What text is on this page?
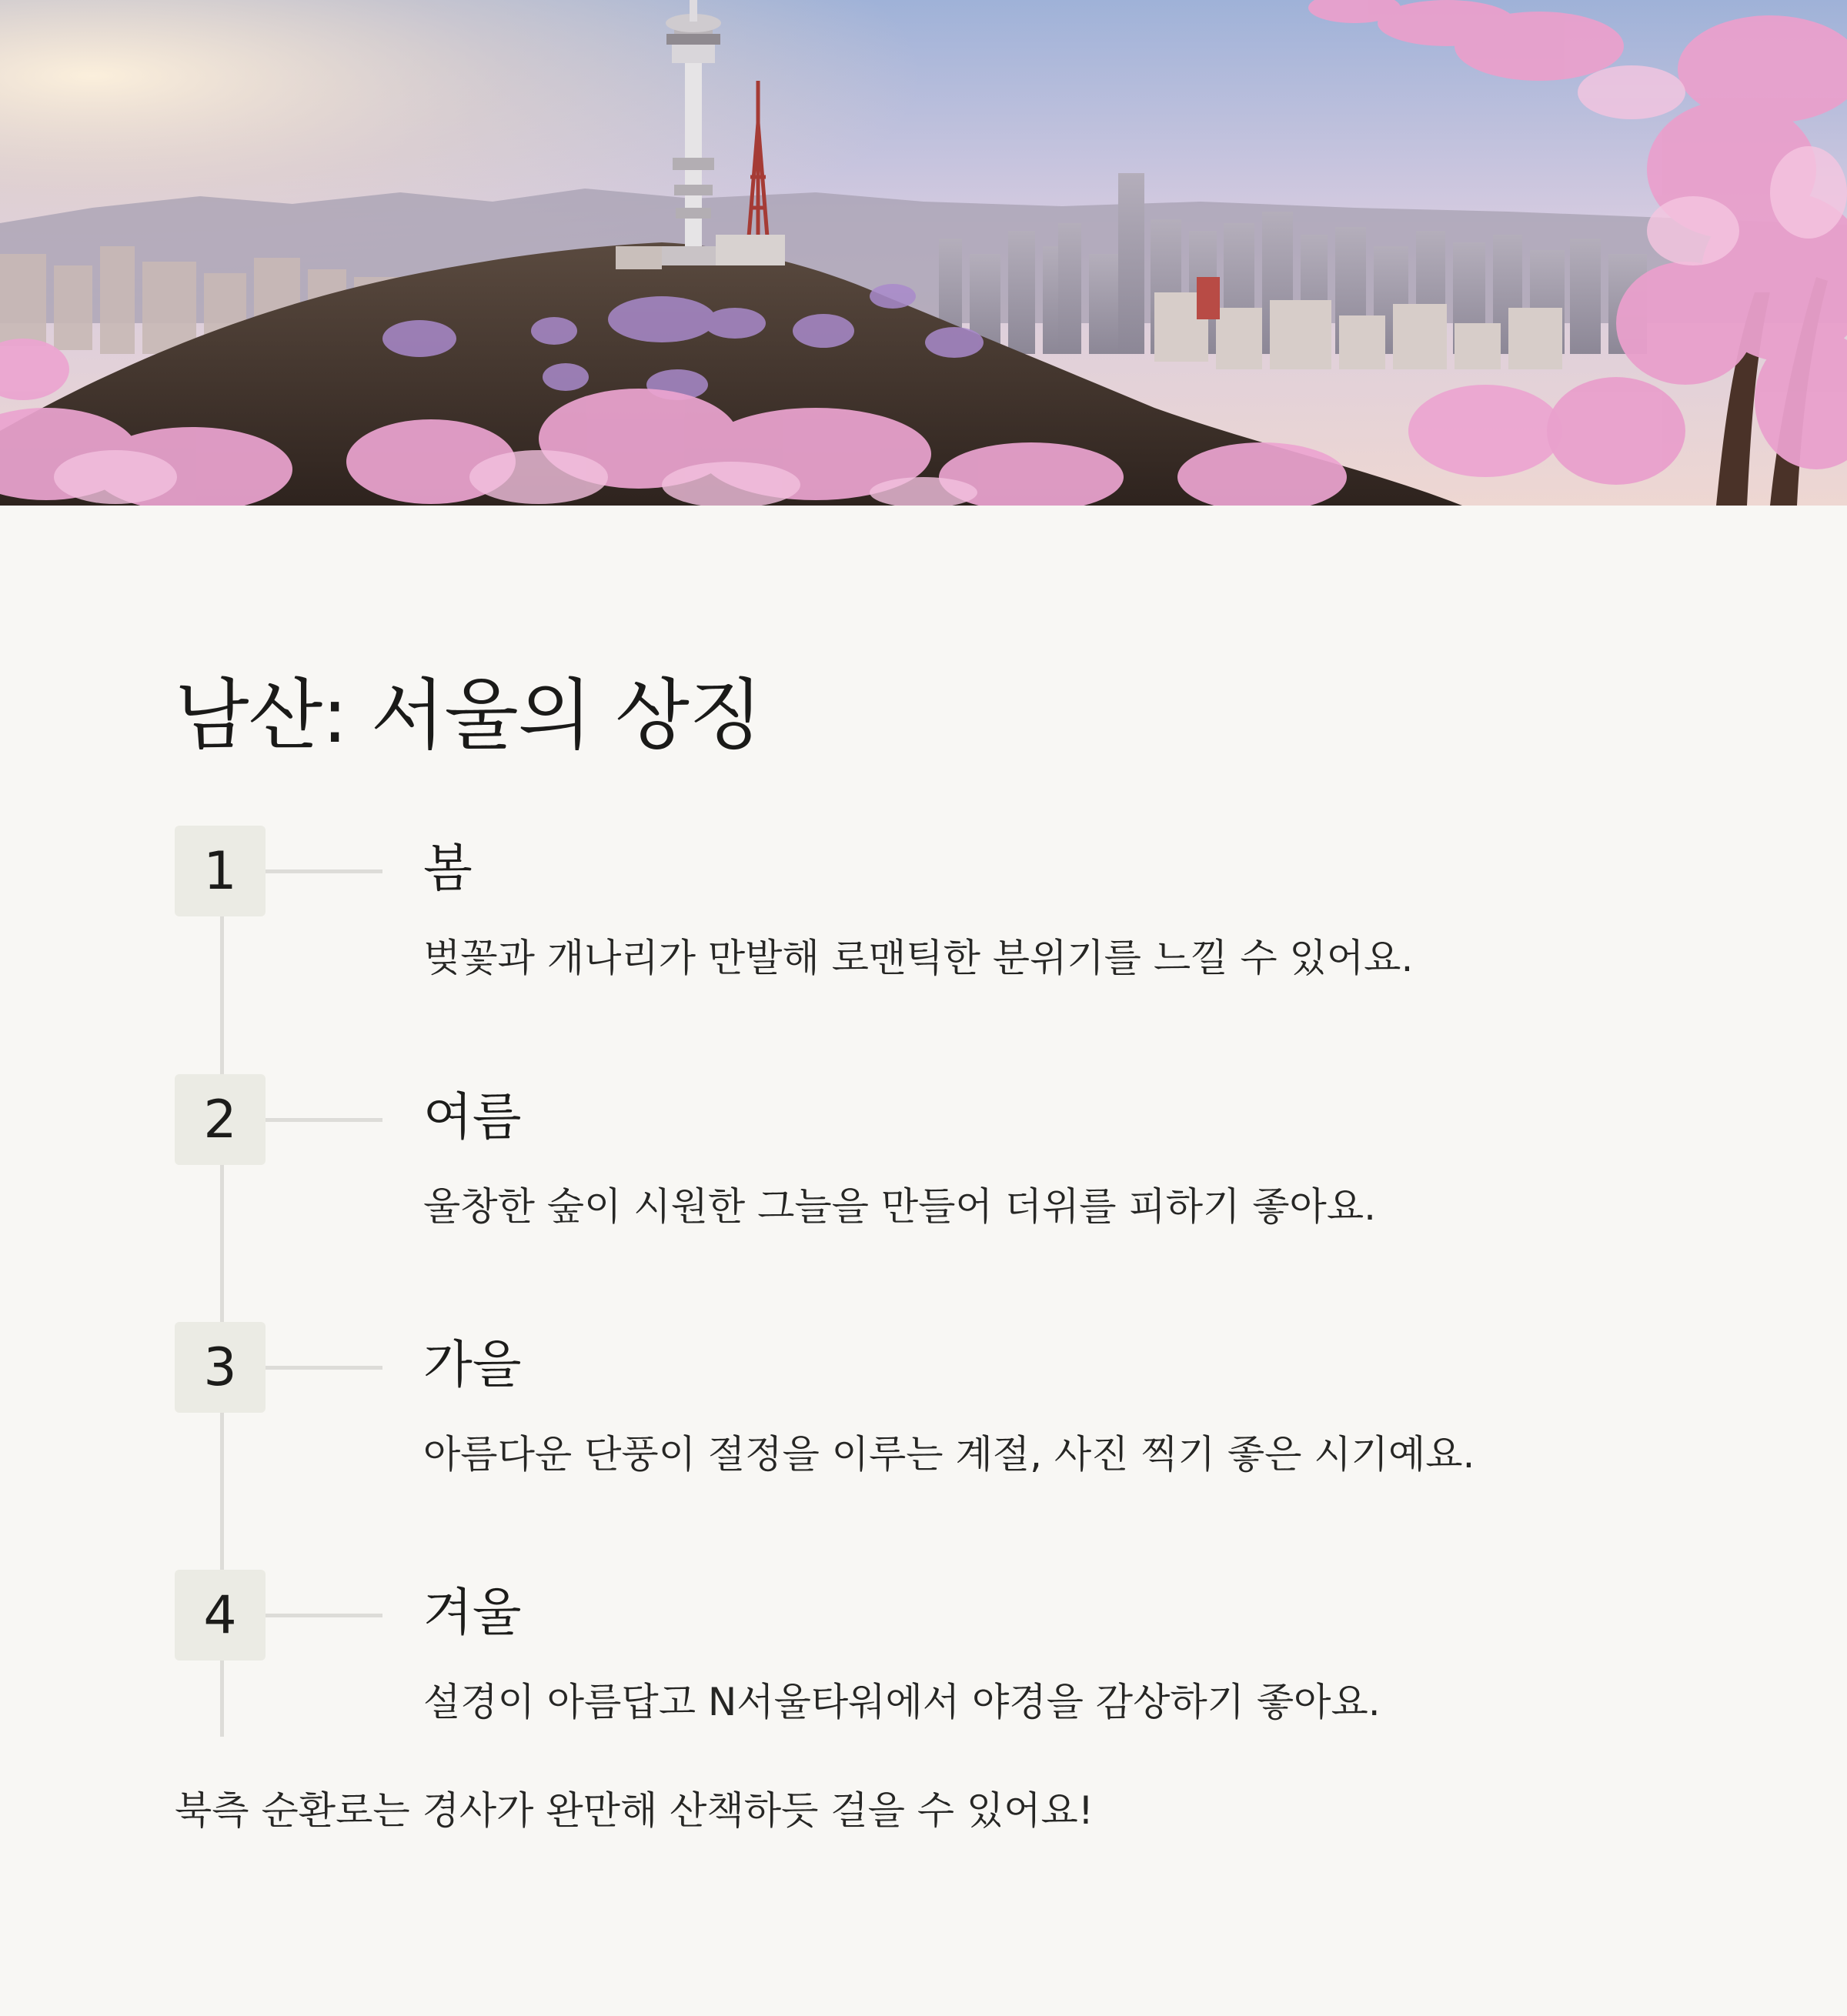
남산: 서울의 상징
1	봄

벚꽃과 개나리가 만발해 로맨틱한 분위기를 느낄 수 있어요.

2	여름

울창한 숲이 시원한 그늘을 만들어 더위를 피하기 좋아요.

3	가을

아름다운 단풍이 절정을 이루는 계절, 사진 찍기 좋은 시기예요.

4	겨울

설경이 아름답고 N서울타워에서 야경을 감상하기 좋아요.

북측 순환로는 경사가 완만해 산책하듯 걸을 수 있어요!
